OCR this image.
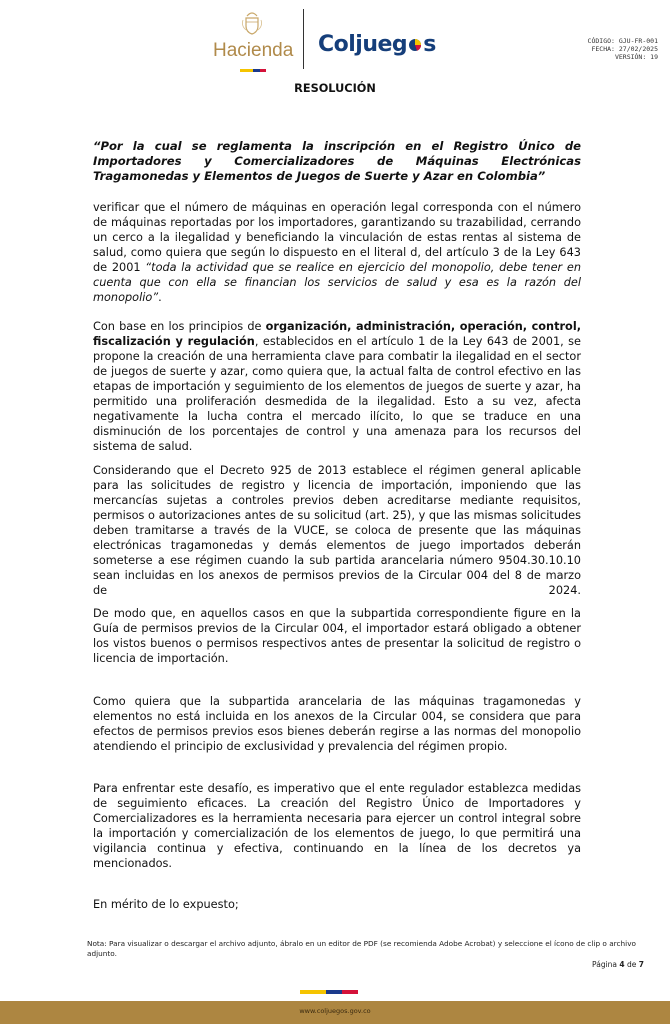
Hacienda Coljueg s	CÓDIGO: GJU-FR-001
FECHA: 27/02/2025
VERSIÓN: 19
RESOLUCIÓN
“Por la cual se reglamenta la inscripción en el Registro Único de Importadores y Comercializadores de Máquinas Electrónicas Tragamonedas y Elementos de Juegos de Suerte y Azar en Colombia”

verificar que el número de máquinas en operación legal corresponda con el número de máquinas reportadas por los importadores, garantizando su trazabilidad, cerrando un cerco a la ilegalidad y beneficiando la vinculación de estas rentas al sistema de salud, como quiera que según lo dispuesto en el literal d, del artículo 3 de la Ley 643 de 2001 “toda la actividad que se realice en ejercicio del monopolio, debe tener en cuenta que con ella se financian los servicios de salud y esa es la razón del monopolio”.

Con base en los principios de organización, administración, operación, control, fiscalización y regulación, establecidos en el artículo 1 de la Ley 643 de 2001, se propone la creación de una herramienta clave para combatir la ilegalidad en el sector de juegos de suerte y azar, como quiera que, la actual falta de control efectivo en las etapas de importación y seguimiento de los elementos de juegos de suerte y azar, ha permitido una proliferación desmedida de la ilegalidad. Esto a su vez, afecta negativamente la lucha contra el mercado ilícito, lo que se traduce en una disminución de los porcentajes de control y una amenaza para los recursos del sistema de salud.

Considerando que el Decreto 925 de 2013 establece el régimen general aplicable para las solicitudes de registro y licencia de importación, imponiendo que las mercancías sujetas a controles previos deben acreditarse mediante requisitos, permisos o autorizaciones antes de su solicitud (art. 25), y que las mismas solicitudes deben tramitarse a través de la VUCE, se coloca de presente que las máquinas electrónicas tragamonedas y demás elementos de juego importados deberán someterse a ese régimen cuando la sub partida arancelaria número 9504.30.10.10 sean incluidas en los anexos de permisos previos de la Circular 004 del 8 de marzo de 2024.

De modo que, en aquellos casos en que la subpartida correspondiente figure en la Guía de permisos previos de la Circular 004, el importador estará obligado a obtener los vistos buenos o permisos respectivos antes de presentar la solicitud de registro o licencia de importación.

Como quiera que la subpartida arancelaria de las máquinas tragamonedas y elementos no está incluida en los anexos de la Circular 004, se considera que para efectos de permisos previos esos bienes deberán regirse a las normas del monopolio atendiendo el principio de exclusividad y prevalencia del régimen propio.

Para enfrentar este desafío, es imperativo que el ente regulador establezca medidas de seguimiento eficaces. La creación del Registro Único de Importadores y Comercializadores es la herramienta necesaria para ejercer un control integral sobre la importación y comercialización de los elementos de juego, lo que permitirá una vigilancia continua y efectiva, continuando en la línea de los decretos ya mencionados.

En mérito de lo expuesto;

Nota: Para visualizar o descargar el archivo adjunto, ábralo en un editor de PDF (se recomienda Adobe Acrobat) y seleccione el ícono de clip o archivo adjunto.
Página 4 de 7
www.coljuegos.gov.co
